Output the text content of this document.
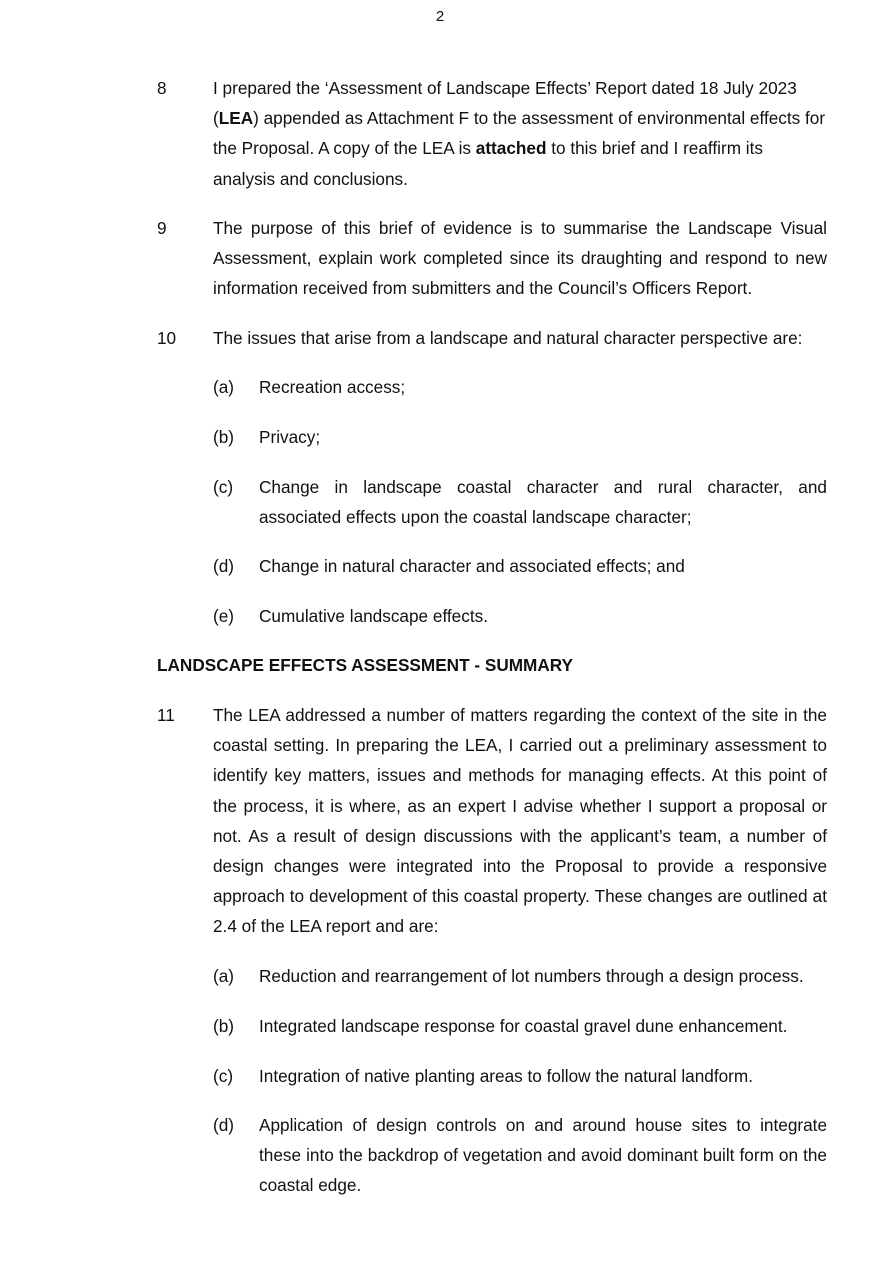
2
8	I prepared the ‘Assessment of Landscape Effects’ Report dated 18 July 2023 (LEA) appended as Attachment F to the assessment of environmental effects for the Proposal. A copy of the LEA is attached to this brief and I reaffirm its analysis and conclusions.
9	The purpose of this brief of evidence is to summarise the Landscape Visual Assessment, explain work completed since its draughting and respond to new information received from submitters and the Council’s Officers Report.
10	The issues that arise from a landscape and natural character perspective are:
(a) Recreation access;
(b) Privacy;
(c) Change in landscape coastal character and rural character, and associated effects upon the coastal landscape character;
(d) Change in natural character and associated effects; and
(e) Cumulative landscape effects.
LANDSCAPE EFFECTS ASSESSMENT - SUMMARY
11	The LEA addressed a number of matters regarding the context of the site in the coastal setting. In preparing the LEA, I carried out a preliminary assessment to identify key matters, issues and methods for managing effects. At this point of the process, it is where, as an expert I advise whether I support a proposal or not. As a result of design discussions with the applicant’s team, a number of design changes were integrated into the Proposal to provide a responsive approach to development of this coastal property. These changes are outlined at 2.4 of the LEA report and are:
(a) Reduction and rearrangement of lot numbers through a design process.
(b) Integrated landscape response for coastal gravel dune enhancement.
(c) Integration of native planting areas to follow the natural landform.
(d) Application of design controls on and around house sites to integrate these into the backdrop of vegetation and avoid dominant built form on the coastal edge.
